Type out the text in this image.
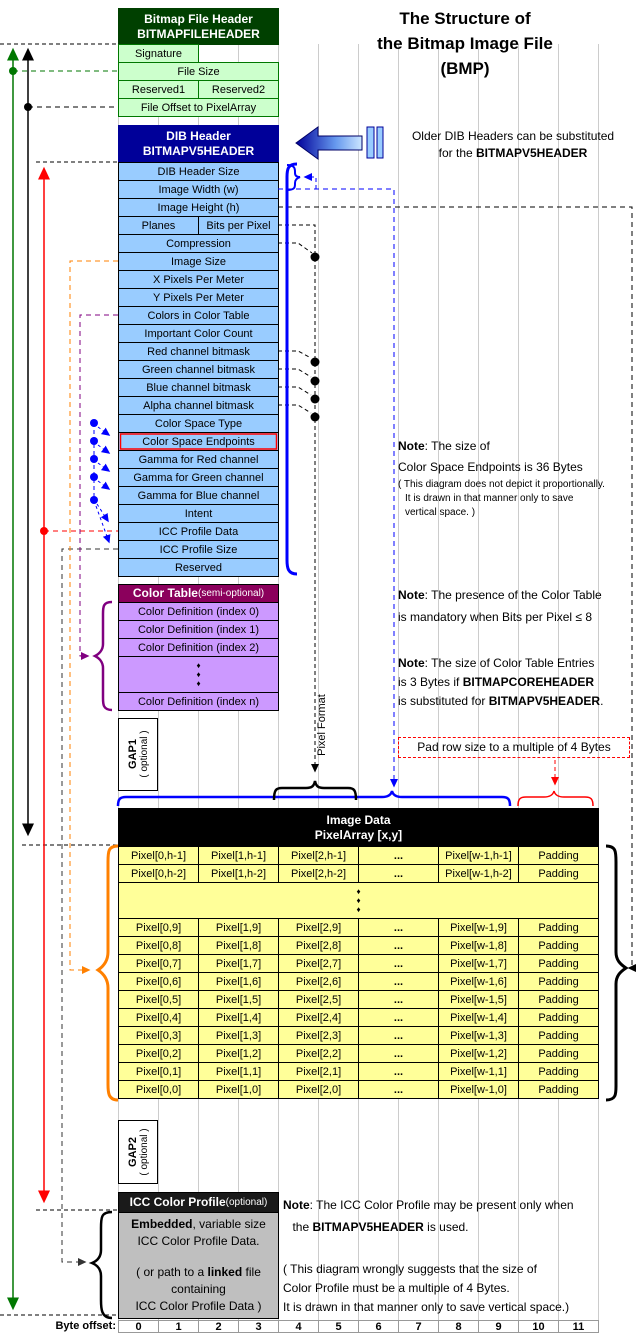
The Structure of
the Bitmap Image File
(BMP)
Bitmap File Header
BITMAPFILEHEADER
Signature
File Size
Reserved1	Reserved2
File Offset to PixelArray
DIB Header
BITMAPV5HEADER
DIB Header Size
Image Width (w)
Image Height (h)
Planes	Bits per Pixel
Compression
Image Size
X Pixels Per Meter
Y Pixels Per Meter
Colors in Color Table
Important Color Count
Red channel bitmask
Green channel bitmask
Blue channel bitmask
Alpha channel bitmask
Color Space Type
Color Space Endpoints
Gamma for Red channel
Gamma for Green channel
Gamma for Blue channel
Intent
ICC Profile Data
ICC Profile Size
Reserved
Color Table (semi-optional)
Color Definition (index 0)
Color Definition (index 1)
Color Definition (index 2)
♦
♦
♦
Color Definition (index n)
GAP1 ( optional )	Pixel Format
Image Data
PixelArray [x,y]
Pixel[0,h-1]	Pixel[1,h-1]	Pixel[2,h-1]	...	Pixel[w-1,h-1]	Padding
Pixel[0,h-2]	Pixel[1,h-2]	Pixel[2,h-2]	...	Pixel[w-1,h-2]	Padding
♦
♦
♦
Pixel[0,9]	Pixel[1,9]	Pixel[2,9]	...	Pixel[w-1,9]	Padding
Pixel[0,8]	Pixel[1,8]	Pixel[2,8]	...	Pixel[w-1,8]	Padding
Pixel[0,7]	Pixel[1,7]	Pixel[2,7]	...	Pixel[w-1,7]	Padding
Pixel[0,6]	Pixel[1,6]	Pixel[2,6]	...	Pixel[w-1,6]	Padding
Pixel[0,5]	Pixel[1,5]	Pixel[2,5]	...	Pixel[w-1,5]	Padding
Pixel[0,4]	Pixel[1,4]	Pixel[2,4]	...	Pixel[w-1,4]	Padding
Pixel[0,3]	Pixel[1,3]	Pixel[2,3]	...	Pixel[w-1,3]	Padding
Pixel[0,2]	Pixel[1,2]	Pixel[2,2]	...	Pixel[w-1,2]	Padding
Pixel[0,1]	Pixel[1,1]	Pixel[2,1]	...	Pixel[w-1,1]	Padding
Pixel[0,0]	Pixel[1,0]	Pixel[2,0]	...	Pixel[w-1,0]	Padding
GAP2 ( optional )
ICC Color Profile (optional)
Embedded, variable size
ICC Color Profile Data.
( or path to a linked file
containing
ICC Color Profile Data )
Older DIB Headers can be substituted
for the BITMAPV5HEADER
Note: The size of
Color Space Endpoints is 36 Bytes
( This diagram does not depict it proportionally.
It is drawn in that manner only to save
vertical space. )
Note: The presence of the Color Table
is mandatory when Bits per Pixel ≤ 8
Note: The size of Color Table Entries
is 3 Bytes if BITMAPCOREHEADER
is substituted for BITMAPV5HEADER.
Pad row size to a multiple of 4 Bytes
Note: The ICC Color Profile may be present only when
the BITMAPV5HEADER is used.
( This diagram wrongly suggests that the size of
Color Profile must be a multiple of 4 Bytes.
It is drawn in that manner only to save vertical space.)
Byte offset:	0	1	2	3	4	5	6	7	8	9	10	11
